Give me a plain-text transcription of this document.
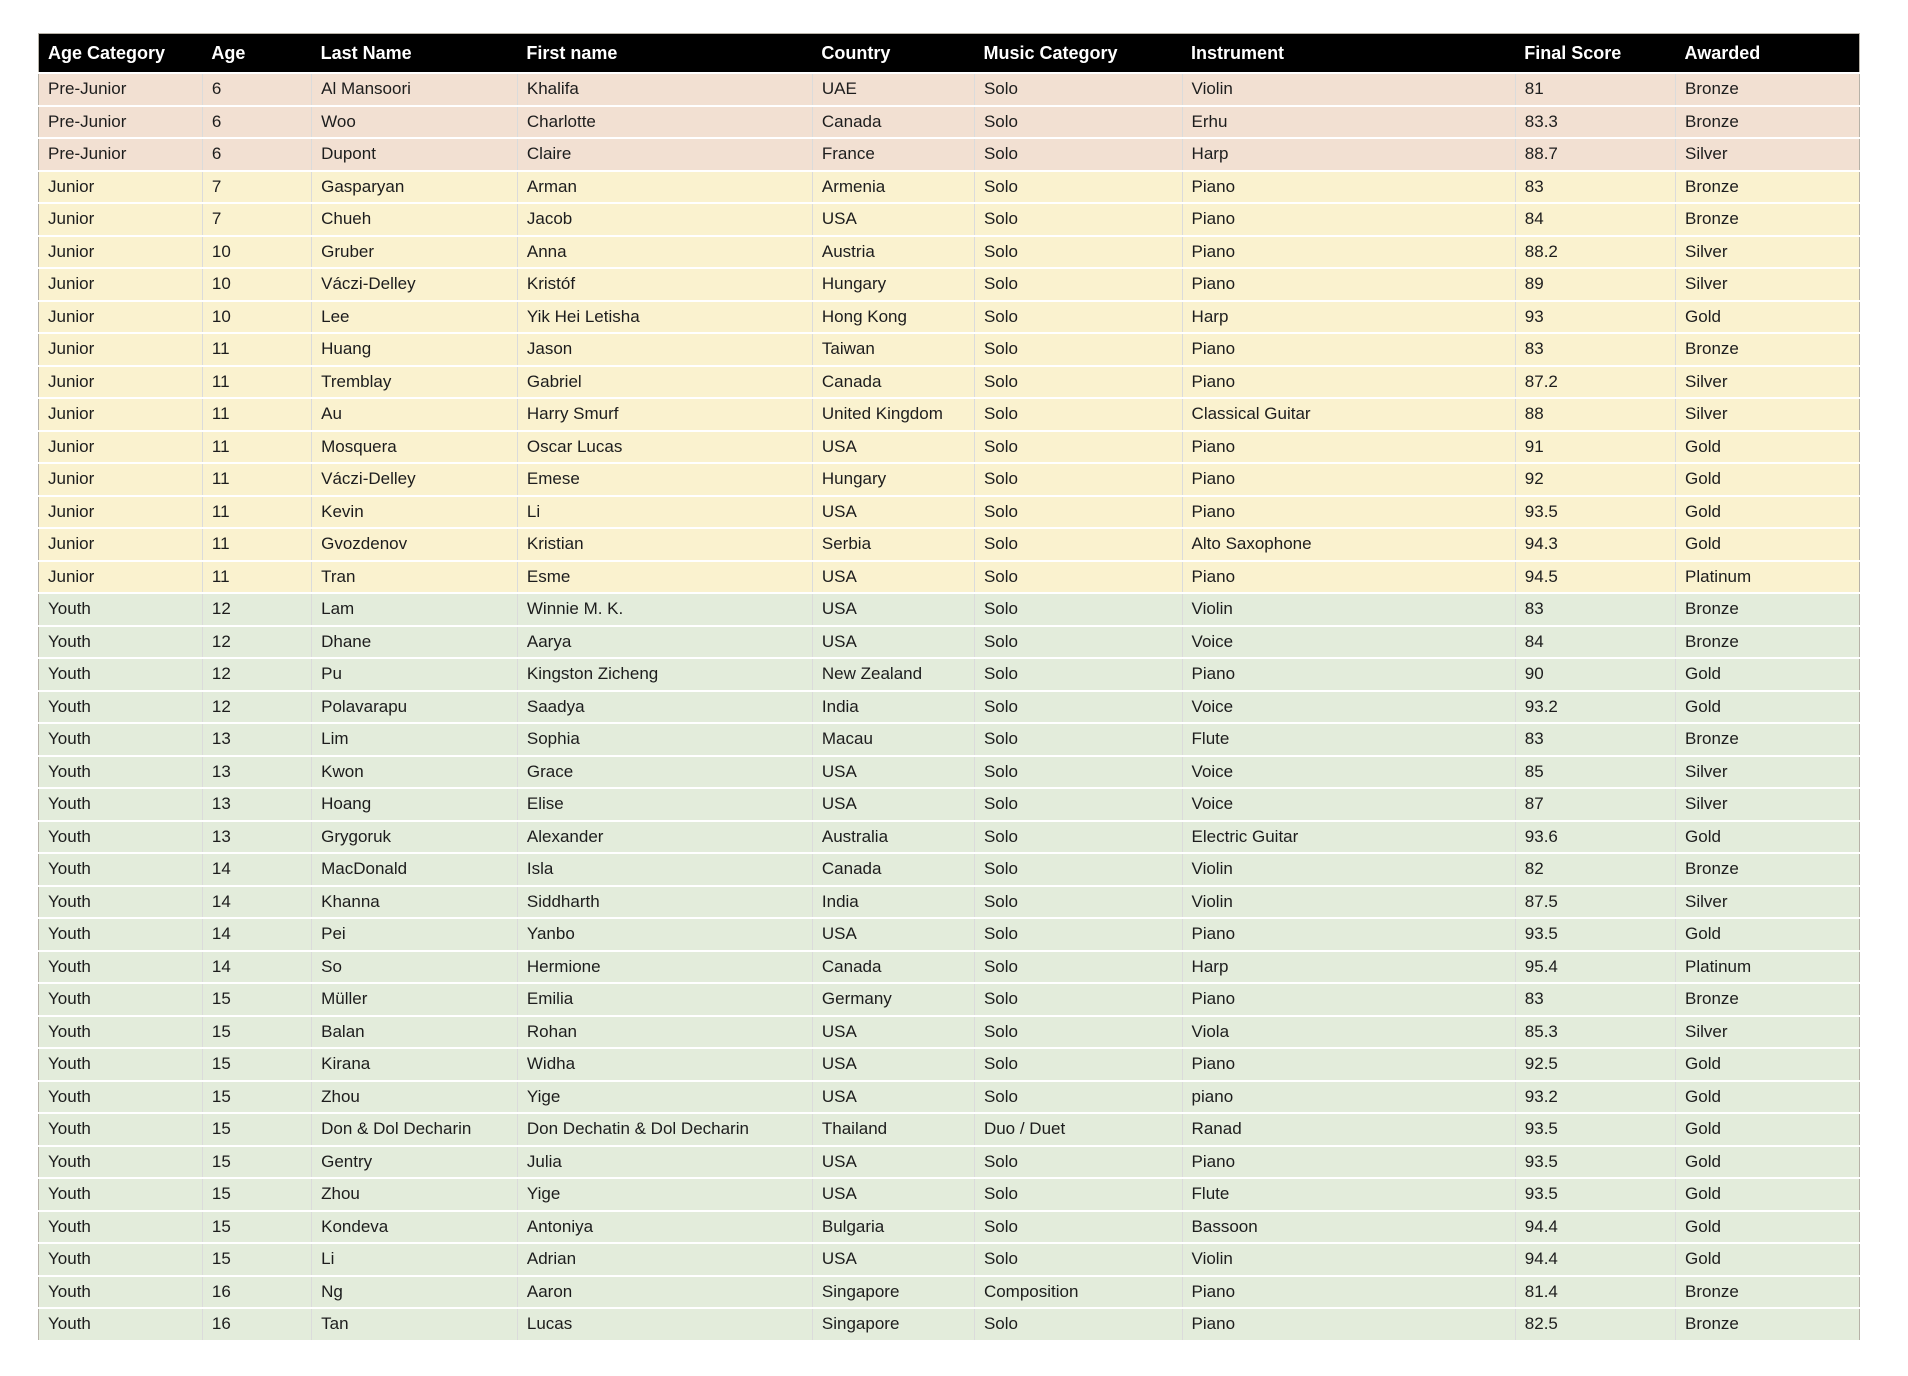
Age Category	Age	Last Name	First name	Country	Music Category	Instrument	Final Score	Awarded
Pre-Junior	6	Al Mansoori	Khalifa	UAE	Solo	Violin	81	Bronze
Pre-Junior	6	Woo	Charlotte	Canada	Solo	Erhu	83.3	Bronze
Pre-Junior	6	Dupont	Claire	France	Solo	Harp	88.7	Silver
Junior	7	Gasparyan	Arman	Armenia	Solo	Piano	83	Bronze
Junior	7	Chueh	Jacob	USA	Solo	Piano	84	Bronze
Junior	10	Gruber	Anna	Austria	Solo	Piano	88.2	Silver
Junior	10	Váczi-Delley	Kristóf	Hungary	Solo	Piano	89	Silver
Junior	10	Lee	Yik Hei Letisha	Hong Kong	Solo	Harp	93	Gold
Junior	11	Huang	Jason	Taiwan	Solo	Piano	83	Bronze
Junior	11	Tremblay	Gabriel	Canada	Solo	Piano	87.2	Silver
Junior	11	Au	Harry Smurf	United Kingdom	Solo	Classical Guitar	88	Silver
Junior	11	Mosquera	Oscar Lucas	USA	Solo	Piano	91	Gold
Junior	11	Váczi-Delley	Emese	Hungary	Solo	Piano	92	Gold
Junior	11	Kevin	Li	USA	Solo	Piano	93.5	Gold
Junior	11	Gvozdenov	Kristian	Serbia	Solo	Alto Saxophone	94.3	Gold
Junior	11	Tran	Esme	USA	Solo	Piano	94.5	Platinum
Youth	12	Lam	Winnie M. K.	USA	Solo	Violin	83	Bronze
Youth	12	Dhane	Aarya	USA	Solo	Voice	84	Bronze
Youth	12	Pu	Kingston Zicheng	New Zealand	Solo	Piano	90	Gold
Youth	12	Polavarapu	Saadya	India	Solo	Voice	93.2	Gold
Youth	13	Lim	Sophia	Macau	Solo	Flute	83	Bronze
Youth	13	Kwon	Grace	USA	Solo	Voice	85	Silver
Youth	13	Hoang	Elise	USA	Solo	Voice	87	Silver
Youth	13	Grygoruk	Alexander	Australia	Solo	Electric Guitar	93.6	Gold
Youth	14	MacDonald	Isla	Canada	Solo	Violin	82	Bronze
Youth	14	Khanna	Siddharth	India	Solo	Violin	87.5	Silver
Youth	14	Pei	Yanbo	USA	Solo	Piano	93.5	Gold
Youth	14	So	Hermione	Canada	Solo	Harp	95.4	Platinum
Youth	15	Müller	Emilia	Germany	Solo	Piano	83	Bronze
Youth	15	Balan	Rohan	USA	Solo	Viola	85.3	Silver
Youth	15	Kirana	Widha	USA	Solo	Piano	92.5	Gold
Youth	15	Zhou	Yige	USA	Solo	piano	93.2	Gold
Youth	15	Don & Dol Decharin	Don Dechatin & Dol Decharin	Thailand	Duo / Duet	Ranad	93.5	Gold
Youth	15	Gentry	Julia	USA	Solo	Piano	93.5	Gold
Youth	15	Zhou	Yige	USA	Solo	Flute	93.5	Gold
Youth	15	Kondeva	Antoniya	Bulgaria	Solo	Bassoon	94.4	Gold
Youth	15	Li	Adrian	USA	Solo	Violin	94.4	Gold
Youth	16	Ng	Aaron	Singapore	Composition	Piano	81.4	Bronze
Youth	16	Tan	Lucas	Singapore	Solo	Piano	82.5	Bronze
